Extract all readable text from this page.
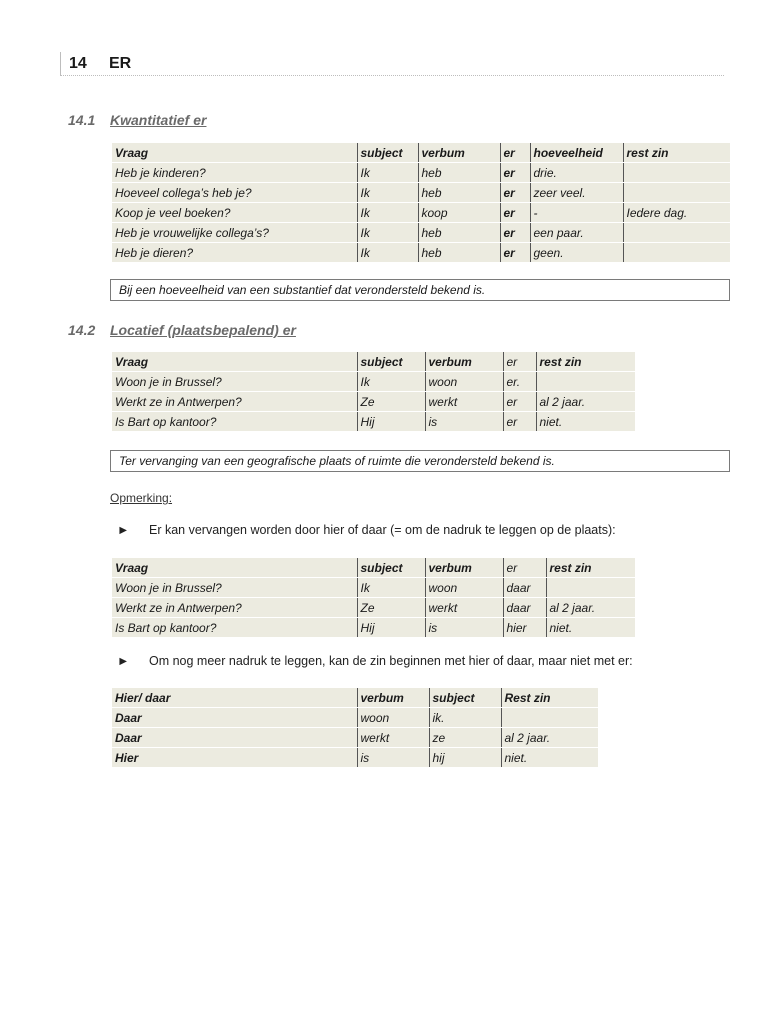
14 ER
14.1 Kwantitatief er
Vraag	subject	verbum	er	hoeveelheid	rest zin
Heb je kinderen?	Ik	heb	er	drie.	
Hoeveel collega’s heb je?	Ik	heb	er	zeer veel.	
Koop je veel boeken?	Ik	koop	er	-	Iedere dag.
Heb je vrouwelijke collega’s?	Ik	heb	er	een paar.	
Heb je dieren?	Ik	heb	er	geen.	
Bij een hoeveelheid van een substantief dat verondersteld bekend is.
14.2 Locatief (plaatsbepalend) er
Vraag	subject	verbum	er	rest zin
Woon je in Brussel?	Ik	woon	er.	
Werkt ze in Antwerpen?	Ze	werkt	er	al 2 jaar.
Is Bart op kantoor?	Hij	is	er	niet.
Ter vervanging van een geografische plaats of ruimte die verondersteld bekend is.
Opmerking:
► Er kan vervangen worden door hier of daar (= om de nadruk te leggen op de plaats):
Vraag	subject	verbum	er	rest zin
Woon je in Brussel?	Ik	woon	daar	
Werkt ze in Antwerpen?	Ze	werkt	daar	al 2 jaar.
Is Bart op kantoor?	Hij	is	hier	niet.
► Om nog meer nadruk te leggen, kan de zin beginnen met hier of daar, maar niet met er:
Hier/ daar	verbum	subject	Rest zin
Daar	woon	ik.	
Daar	werkt	ze	al 2 jaar.
Hier	is	hij	niet.
